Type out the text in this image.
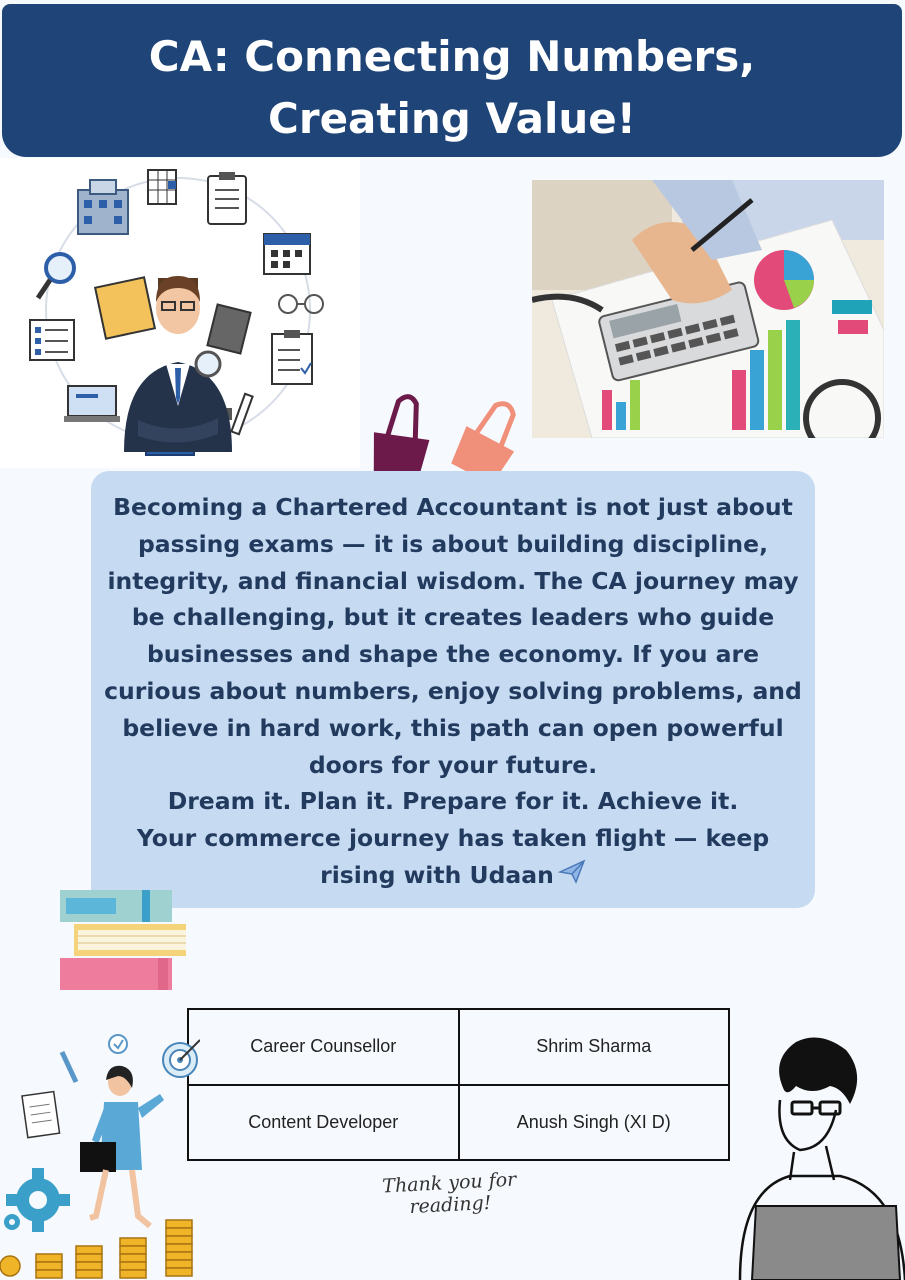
CA: Connecting Numbers, Creating Value!

Becoming a Chartered Accountant is not just about passing exams — it is about building discipline, integrity, and financial wisdom. The CA journey may be challenging, but it creates leaders who guide businesses and shape the economy. If you are curious about numbers, enjoy solving problems, and believe in hard work, this path can open powerful doors for your future.

Dream it. Plan it. Prepare for it. Achieve it.

Your commerce journey has taken flight — keep rising with Udaan

Career Counsellor	Shrim Sharma
Content Developer	Anush Singh (XI D)
Thank you for reading!
